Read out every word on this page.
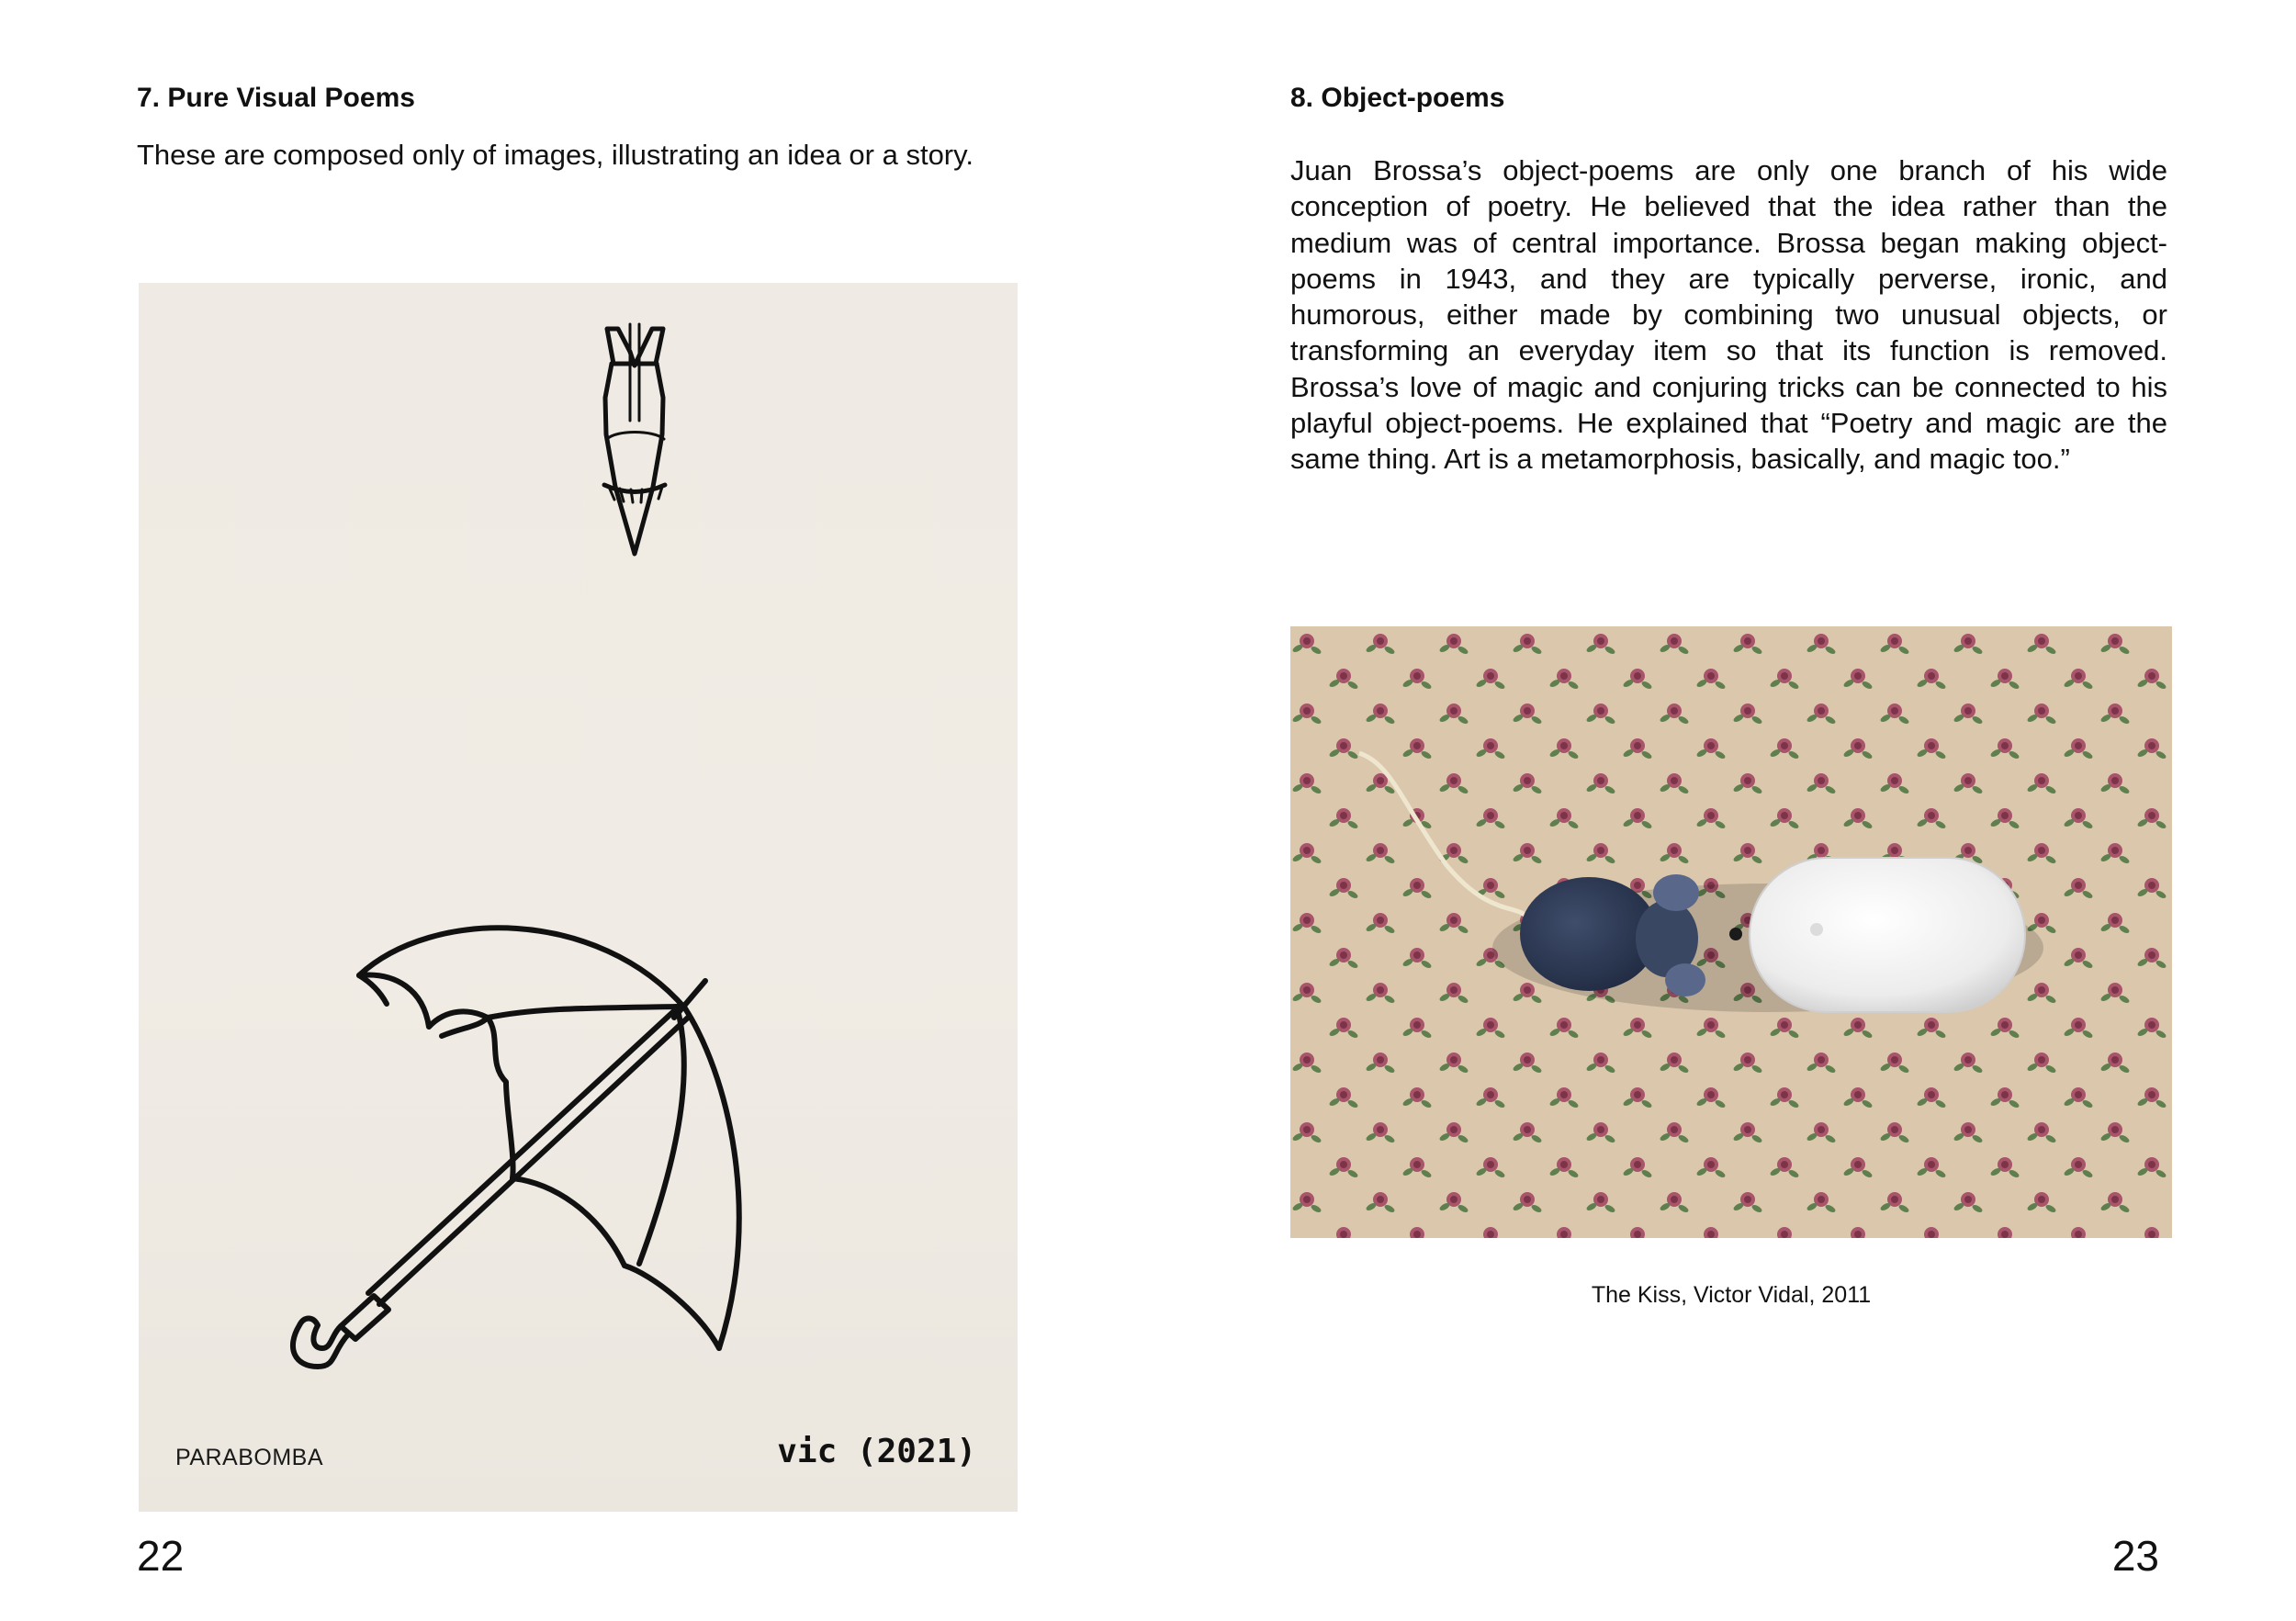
7. Pure Visual Poems

These are composed only of images, illustrating an idea or a story.

PARABOMBA	vic (2021)
22
8. Object-poems

Juan Brossa’s object-poems are only one branch of his wide conception of poetry. He believed that the idea rather than the medium was of central importance. Brossa began making object-poems in 1943, and they are typically perverse, ironic, and humorous, either made by combining two unusual objects, or transforming an everyday item so that its function is removed. Brossa’s love of magic and conjuring tricks can be connected to his playful object-poems. He explained that “Poetry and magic are the same thing. Art is a metamorphosis, basically, and magic too.”

The Kiss, Victor Vidal, 2011

23
